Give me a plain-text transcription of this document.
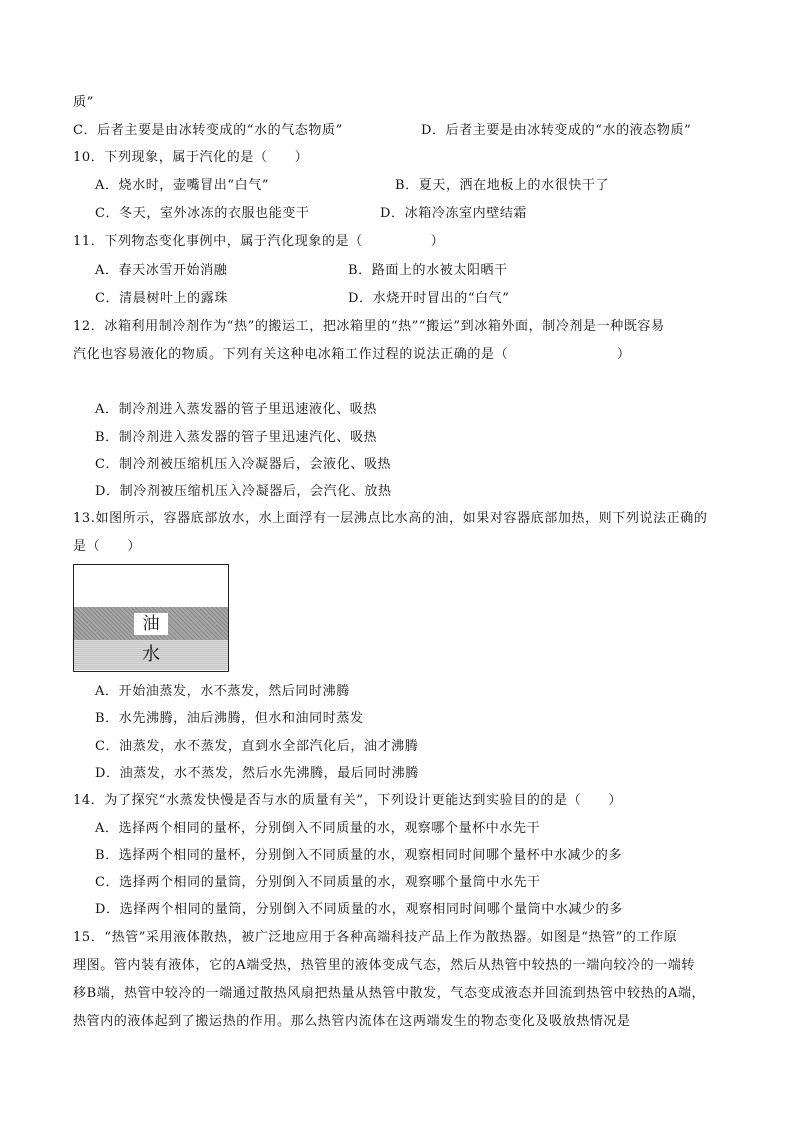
质”
C．后者主要是由冰转变成的“水的气态物质”	D．后者主要是由冰转变成的“水的液态物质”
10．下列现象，属于汽化的是（　　）
A．烧水时，壶嘴冒出“白气”	B．夏天，洒在地板上的水很快干了
C．冬天，室外冰冻的衣服也能变干	D．冰箱冷冻室内壁结霜
11．下列物态变化事例中，属于汽化现象的是（　　　　　）
A．春天冰雪开始消融	B．路面上的水被太阳晒干
C．清晨树叶上的露珠	D．水烧开时冒出的“白气”
12．冰箱利用制冷剂作为“热”的搬运工，把冰箱里的“热”“搬运”到冰箱外面，制冷剂是一种既容易
汽化也容易液化的物质。下列有关这种电冰箱工作过程的说法正确的是（　　　　　　　　）
A．制冷剂进入蒸发器的管子里迅速液化、吸热
B．制冷剂进入蒸发器的管子里迅速汽化、吸热
C．制冷剂被压缩机压入冷凝器后，会液化、吸热
D．制冷剂被压缩机压入冷凝器后，会汽化、放热
13.如图所示，容器底部放水，水上面浮有一层沸点比水高的油，如果对容器底部加热，则下列说法正确的
是（　　）
油
水
A．开始油蒸发，水不蒸发，然后同时沸腾
B．水先沸腾，油后沸腾，但水和油同时蒸发
C．油蒸发，水不蒸发，直到水全部汽化后，油才沸腾
D．油蒸发，水不蒸发，然后水先沸腾，最后同时沸腾
14．为了探究“水蒸发快慢是否与水的质量有关”，下列设计更能达到实验目的的是（　　）
A．选择两个相同的量杯，分别倒入不同质量的水，观察哪个量杯中水先干
B．选择两个相同的量杯，分别倒入不同质量的水，观察相同时间哪个量杯中水减少的多
C．选择两个相同的量筒，分别倒入不同质量的水，观察哪个量筒中水先干
D．选择两个相同的量筒，分别倒入不同质量的水，观察相同时间哪个量筒中水减少的多
15．“热管”采用液体散热，被广泛地应用于各种高端科技产品上作为散热器。如图是“热管”的工作原
理图。管内装有液体，它的A端受热，热管里的液体变成气态，然后从热管中较热的一端向较冷的一端转
移B端，热管中较冷的一端通过散热风扇把热量从热管中散发，气态变成液态并回流到热管中较热的A端，
热管内的液体起到了搬运热的作用。那么热管内流体在这两端发生的物态变化及吸放热情况是
